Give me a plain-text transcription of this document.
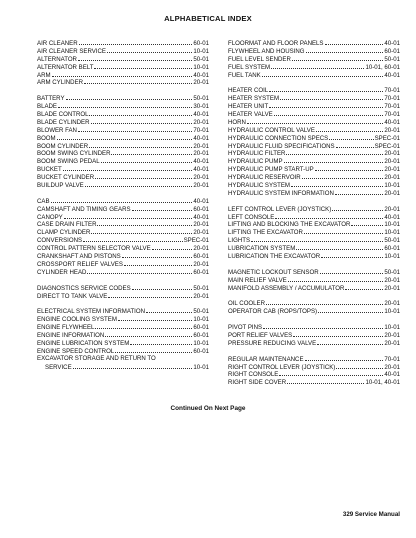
ALPHABETICAL INDEX
AIR CLEANER	60-01
AIR CLEANER SERVICE	10-01
ALTERNATOR	50-01
ALTERNATOR BELT	10-01
ARM	40-01
ARM CYLINDER	20-01
BATTERY	50-01
BLADE	30-01
BLADE CONTROL	40-01
BLADE CYLINDER	20-01
BLOWER FAN	70-01
BOOM	40-01
BOOM CYLINDER	20-01
BOOM SWING CYLINDER	20-01
BOOM SWING PEDAL	40-01
BUCKET	40-01
BUCKET CYLINDER	20-01
BUILDUP VALVE	20-01
CAB	40-01
CAMSHAFT AND TIMING GEARS	60-01
CANOPY	40-01
CASE DRAIN FILTER	20-01
CLAMP CYLINDER	20-01
CONVERSIONS	SPEC-01
CONTROL PATTERN SELECTOR VALVE	20-01
CRANKSHAFT AND PISTONS	60-01
CROSSPORT RELIEF VALVES	20-01
CYLINDER HEAD	60-01
DIAGNOSTICS SERVICE CODES	50-01
DIRECT TO TANK VALVE	20-01
ELECTRICAL SYSTEM INFORMATION	50-01
ENGINE COOLING SYSTEM	10-01
ENGINE FLYWHEEL	60-01
ENGINE INFORMATION	60-01
ENGINE LUBRICATION SYSTEM	10-01
ENGINE SPEED CONTROL	60-01
EXCAVATOR STORAGE AND RETURN TO
SERVICE	10-01
FLOORMAT AND FLOOR PANELS	40-01
FLYWHEEL AND HOUSING	60-01
FUEL LEVEL SENDER	50-01
FUEL SYSTEM	10-01, 60-01
FUEL TANK	40-01
HEATER COIL	70-01
HEATER SYSTEM	70-01
HEATER UNIT	70-01
HEATER VALVE	70-01
HORN	40-01
HYDRAULIC CONTROL VALVE	20-01
HYDRAULIC CONNECTION SPECS	SPEC-01
HYDRAULIC FLUID SPECIFICATIONS	SPEC-01
HYDRAULIC FILTER	20-01
HYDRAULIC PUMP	20-01
HYDRAULIC PUMP START-UP	20-01
HYDRAULIC RESERVOIR	20-01
HYDRAULIC SYSTEM	10-01
HYDRAULIC SYSTEM INFORMATION	20-01
LEFT CONTROL LEVER (JOYSTICK)	20-01
LEFT CONSOLE	40-01
LIFTING AND BLOCKING THE EXCAVATOR	10-01
LIFTING THE EXCAVATOR	10-01
LIGHTS	50-01
LUBRICATION SYSTEM	60-01
LUBRICATION THE EXCAVATOR	10-01
MAGNETIC LOCKOUT SENSOR	50-01
MAIN RELIEF VALVE	20-01
MANIFOLD ASSEMBLY / ACCUMULATOR	20-01
OIL COOLER	20-01
OPERATOR CAB (ROPS/TOPS)	10-01
PIVOT PINS	10-01
PORT RELIEF VALVES	20-01
PRESSURE REDUCING VALVE	20-01
REGULAR MAINTENANCE	70-01
RIGHT CONTROL LEVER (JOYSTICK)	20-01
RIGHT CONSOLE	40-01
RIGHT SIDE COVER	10-01, 40-01
Continued On Next Page
329 Service Manual
